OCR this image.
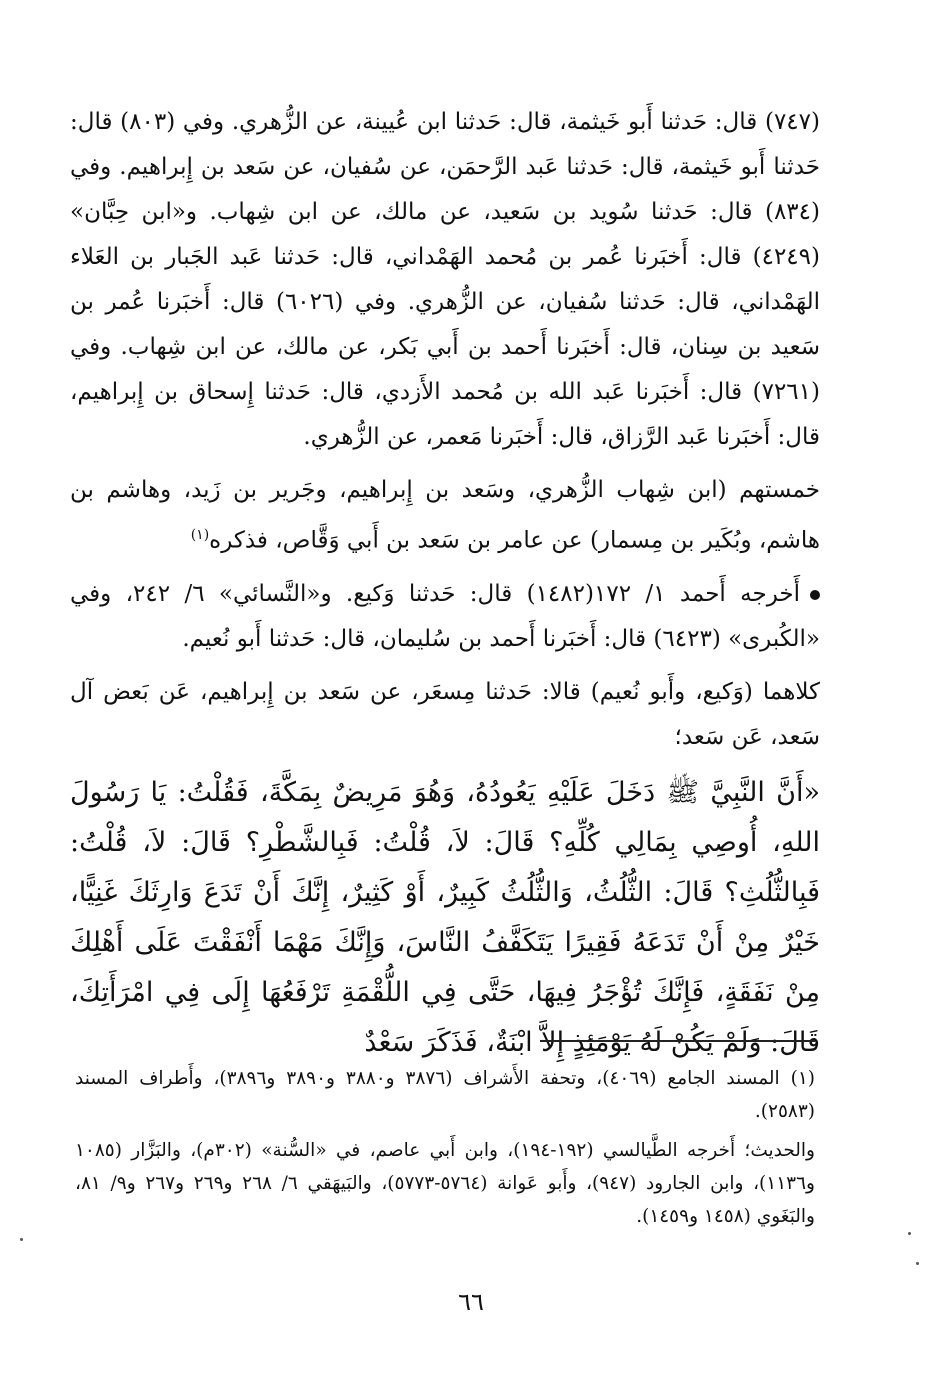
(٧٤٧) قال: حَدثنا أَبو خَيثمة، قال: حَدثنا ابن عُيينة، عن الزُّهري. وفي (٨٠٣) قال: حَدثنا أَبو خَيثمة، قال: حَدثنا عَبد الرَّحمَن، عن سُفيان، عن سَعد بن إِبراهيم. وفي (٨٣٤) قال: حَدثنا سُويد بن سَعيد، عن مالك، عن ابن شِهاب. و«ابن حِبَّان» (٤٢٤٩) قال: أَخبَرنا عُمر بن مُحمد الهَمْداني، قال: حَدثنا عَبد الجَبار بن العَلاء الهَمْداني، قال: حَدثنا سُفيان، عن الزُّهري. وفي (٦٠٢٦) قال: أَخبَرنا عُمر بن سَعيد بن سِنان، قال: أَخبَرنا أَحمد بن أَبي بَكر، عن مالك، عن ابن شِهاب. وفي (٧٢٦١) قال: أَخبَرنا عَبد الله بن مُحمد الأَزدي، قال: حَدثنا إِسحاق بن إِبراهيم، قال: أَخبَرنا عَبد الرَّزاق، قال: أَخبَرنا مَعمر، عن الزُّهري.

خمستهم (ابن شِهاب الزُّهري، وسَعد بن إِبراهيم، وجَرير بن زَيد، وهاشم بن هاشم، وبُكَير بن مِسمار) عن عامر بن سَعد بن أَبي وَقَّاص، فذكره$^{(١)}$

أَخرجه أَحمد ١/ ١٧٢(١٤٨٢) قال: حَدثنا وَكيع. و«النَّسائي» ٦/ ٢٤٢، وفي «الكُبرى» (٦٤٢٣) قال: أَخبَرنا أَحمد بن سُليمان، قال: حَدثنا أَبو نُعيم.

كلاهما (وَكيع، وأَبو نُعيم) قالا: حَدثنا مِسعَر، عن سَعد بن إِبراهيم، عَن بَعض آل سَعد، عَن سَعد؛

«أَنَّ النَّبِيَّ ﷺ دَخَلَ عَلَيْهِ يَعُودُهُ، وَهُوَ مَرِيضٌ بِمَكَّةَ، فَقُلْتُ: يَا رَسُولَ اللهِ، أُوصِي بِمَالِي كُلِّهِ؟ قَالَ: لاَ، قُلْتُ: فَبِالشَّطْرِ؟ قَالَ: لاَ، قُلْتُ: فَبِالثُّلُثِ؟ قَالَ: الثُّلُثُ، وَالثُّلُثُ كَبِيرٌ، أَوْ كَثِيرٌ، إِنَّكَ أَنْ تَدَعَ وَارِثَكَ غَنِيًّا، خَيْرٌ مِنْ أَنْ تَدَعَهُ فَقِيرًا يَتَكَفَّفُ النَّاسَ، وَإِنَّكَ مَهْمَا أَنْفَقْتَ عَلَى أَهْلِكَ مِنْ نَفَقَةٍ، فَإِنَّكَ تُؤْجَرُ فِيهَا، حَتَّى فِي اللُّقْمَةِ تَرْفَعُهَا إِلَى فِي امْرَأَتِكَ، قَالَ: وَلَمْ يَكُنْ لَهُ يَوْمَئِذٍ إِلاَّ ابْنَةٌ، فَذَكَرَ سَعْدٌ

(١) المسند الجامع (٤٠٦٩)، وتحفة الأَشراف (٣٨٧٦ و٣٨٨٠ و٣٨٩٠ و٣٨٩٦)، وأَطراف المسند (٢٥٨٣).

والحديث؛ أَخرجه الطَّيالسي (١٩٢-١٩٤)، وابن أَبي عاصم، في «السُّنة» (٣٠٢م)، والبَزَّار (١٠٨٥ و١١٣٦)، وابن الجارود (٩٤٧)، وأَبو عَوانة (٥٧٦٤-٥٧٧٣)، والبَيهَقي ٦/ ٢٦٨ و٢٦٩ و٢٦٧ و٩/ ٨١، والبَغَوي (١٤٥٨ و١٤٥٩).

٦٦
